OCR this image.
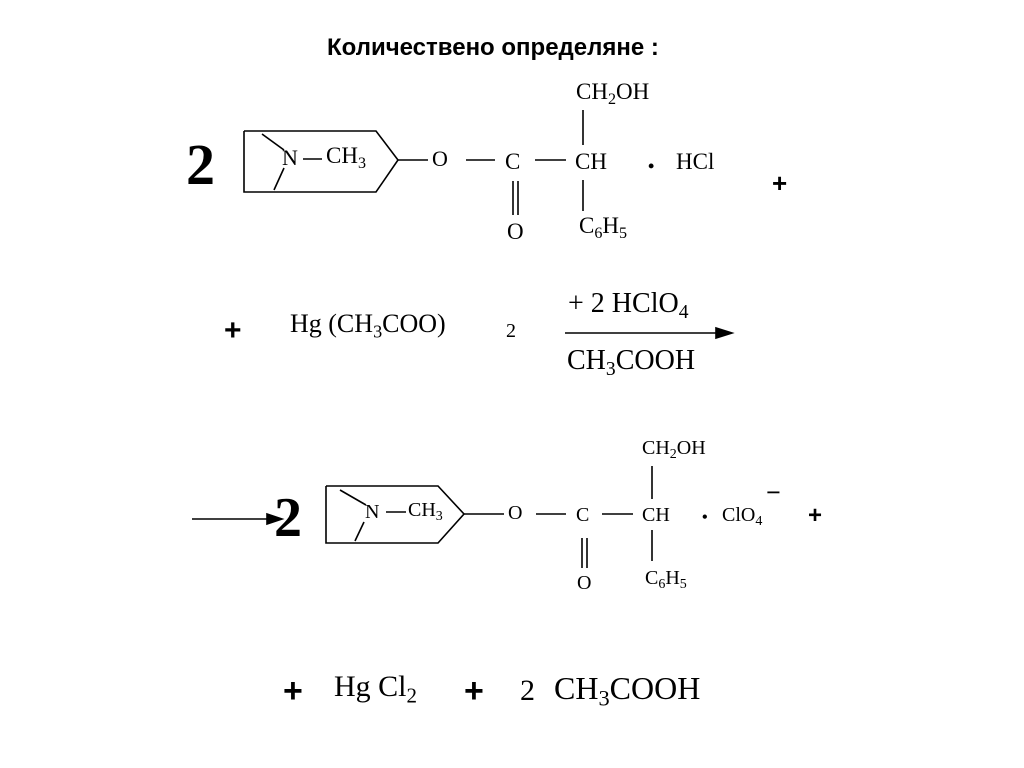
Количествено определяне :
2	N $CH_3$	O C
O
CH
$CH_2OH$
$C_6H_5$
• HCl
+
+ Hg $(CH_3COO)$	2
+ 2 HClO$_4$
$CH_3COOH$
2	N $CH_3$	O	C
O
CH
$CH_2OH$
$C_6H_5$
• ClO$_4$
−
+
+ Hg $Cl_2 + 2$ $CH_3COOH$
